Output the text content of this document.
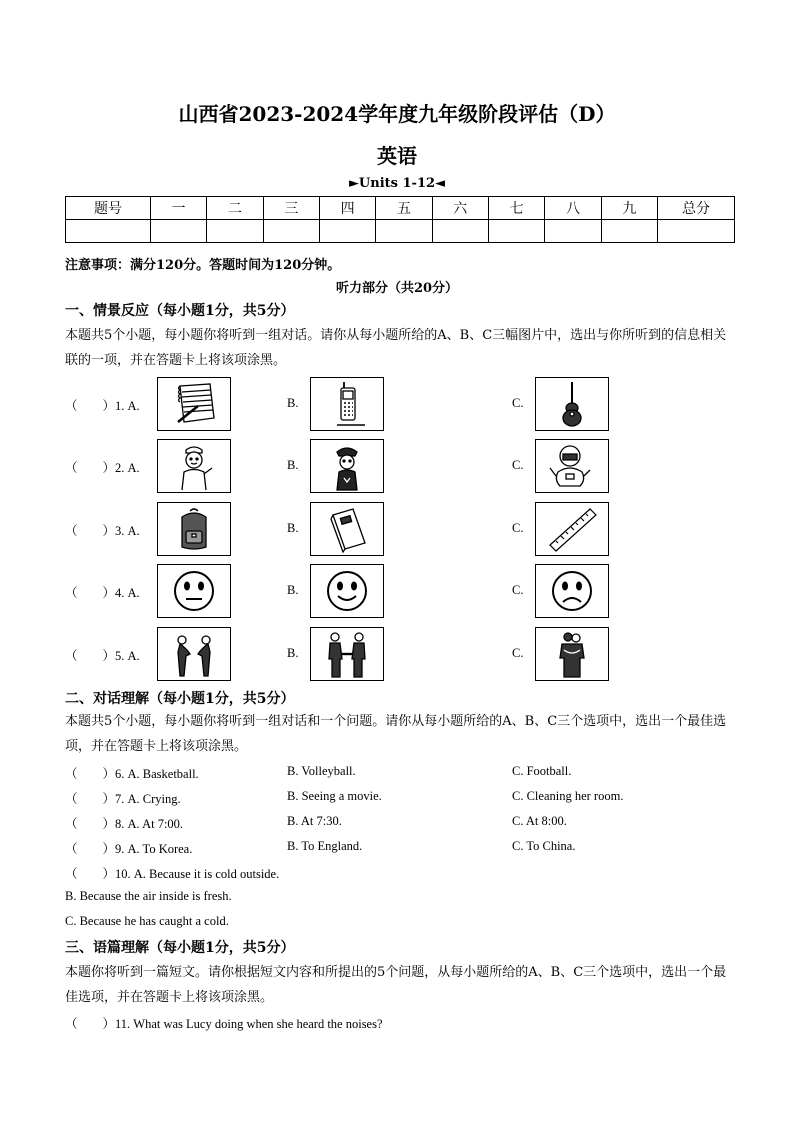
山西省2023-2024学年度九年级阶段评估（D）
英语
►Units 1-12◄
题号	一	二	三	四	五	六	七	八	九	总分

注意事项：满分120分。答题时间为120分钟。
听力部分（共20分）
一、情景反应（每小题1分，共5分）
本题共5个小题，每小题你将听到一组对话。请你从每小题所给的A、B、C三幅图片中，选出与你所听到的信息相关联的一项，并在答题卡上将该项涂黑。
（　　）1. A.	B.	C.
（　　）2. A.	B.	C.
（　　）3. A.	B.	C.
（　　）4. A.	B.	C.
（　　）5. A.	B.	C.
二、对话理解（每小题1分，共5分）
本题共5个小题，每小题你将听到一组对话和一个问题。请你从每小题所给的A、B、C三个选项中，选出一个最佳选项，并在答题卡上将该项涂黑。
（　　）6. A. Basketball.	B. Volleyball.	C. Football.
（　　）7. A. Crying.	B. Seeing a movie.	C. Cleaning her room.
（　　）8. A. At 7:00.	B. At 7:30.	C. At 8:00.
（　　）9. A. To Korea.	B. To England.	C. To China.
（　　）10. A. Because it is cold outside.
B. Because the air inside is fresh.
C. Because he has caught a cold.
三、语篇理解（每小题1分，共5分）
本题你将听到一篇短文。请你根据短文内容和所提出的5个问题，从每小题所给的A、B、C三个选项中，选出一个最佳选项，并在答题卡上将该项涂黑。
（　　）11. What was Lucy doing when she heard the noises?
